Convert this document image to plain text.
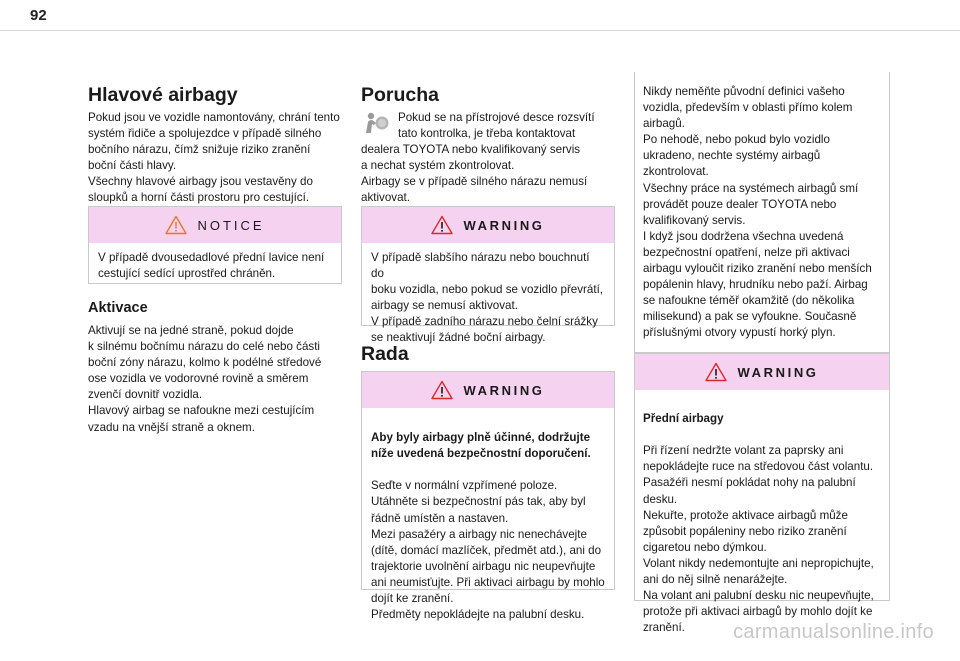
92
Hlavové airbagy
Pokud jsou ve vozidle namontovány, chrání tento
systém řidiče a spolujezdce v případě silného
bočního nárazu, čímž snižuje riziko zranění
boční části hlavy.
Všechny hlavové airbagy jsou vestavěny do
sloupků a horní části prostoru pro cestující.
NOTICE
V případě dvousedadlové přední lavice není
cestující sedící uprostřed chráněn.
Aktivace
Aktivují se na jedné straně, pokud dojde
k silnému bočnímu nárazu do celé nebo části
boční zóny nárazu, kolmo k podélné středové
ose vozidla ve vodorovné rovině a směrem
zvenčí dovnitř vozidla.
Hlavový airbag se nafoukne mezi cestujícím
vzadu na vnější straně a oknem.
Porucha
Pokud se na přístrojové desce rozsvítí
tato kontrolka, je třeba kontaktovat
dealera TOYOTA nebo kvalifikovaný servis
a nechat systém zkontrolovat.
Airbagy se v případě silného nárazu nemusí
aktivovat.
WARNING
V případě slabšího nárazu nebo bouchnutí do
boku vozidla, nebo pokud se vozidlo převrátí,
airbagy se nemusí aktivovat.
V případě zadního nárazu nebo čelní srážky
se neaktivují žádné boční airbagy.
Rada
WARNING

Aby byly airbagy plně účinné, dodržujte
níže uvedená bezpečnostní doporučení.

Seďte v normální vzpřímené poloze.
Utáhněte si bezpečnostní pás tak, aby byl
řádně umístěn a nastaven.
Mezi pasažéry a airbagy nic nenechávejte
(dítě, domácí mazlíček, předmět atd.), ani do
trajektorie uvolnění airbagu nic neupevňujte
ani neumisťujte. Při aktivaci airbagu by mohlo
dojít ke zranění.
Předměty nepokládejte na palubní desku.

Nikdy neměňte původní definici vašeho
vozidla, především v oblasti přímo kolem
airbagů.
Po nehodě, nebo pokud bylo vozidlo
ukradeno, nechte systémy airbagů
zkontrolovat.
Všechny práce na systémech airbagů smí
provádět pouze dealer TOYOTA nebo
kvalifikovaný servis.
I když jsou dodržena všechna uvedená
bezpečnostní opatření, nelze při aktivaci
airbagu vyloučit riziko zranění nebo menších
popálenin hlavy, hrudníku nebo paží. Airbag
se nafoukne téměř okamžitě (do několika
milisekund) a pak se vyfoukne. Současně
příslušnými otvory vypustí horký plyn.
WARNING

Přední airbagy

Při řízení nedržte volant za paprsky ani
nepokládejte ruce na středovou část volantu.
Pasažéři nesmí pokládat nohy na palubní
desku.
Nekuřte, protože aktivace airbagů může
způsobit popáleniny nebo riziko zranění
cigaretou nebo dýmkou.
Volant nikdy nedemontujte ani nepropichujte,
ani do něj silně nenarážejte.
Na volant ani palubní desku nic neupevňujte,
protože při aktivaci airbagů by mohlo dojít ke
zranění.	carmanualsonline.info
